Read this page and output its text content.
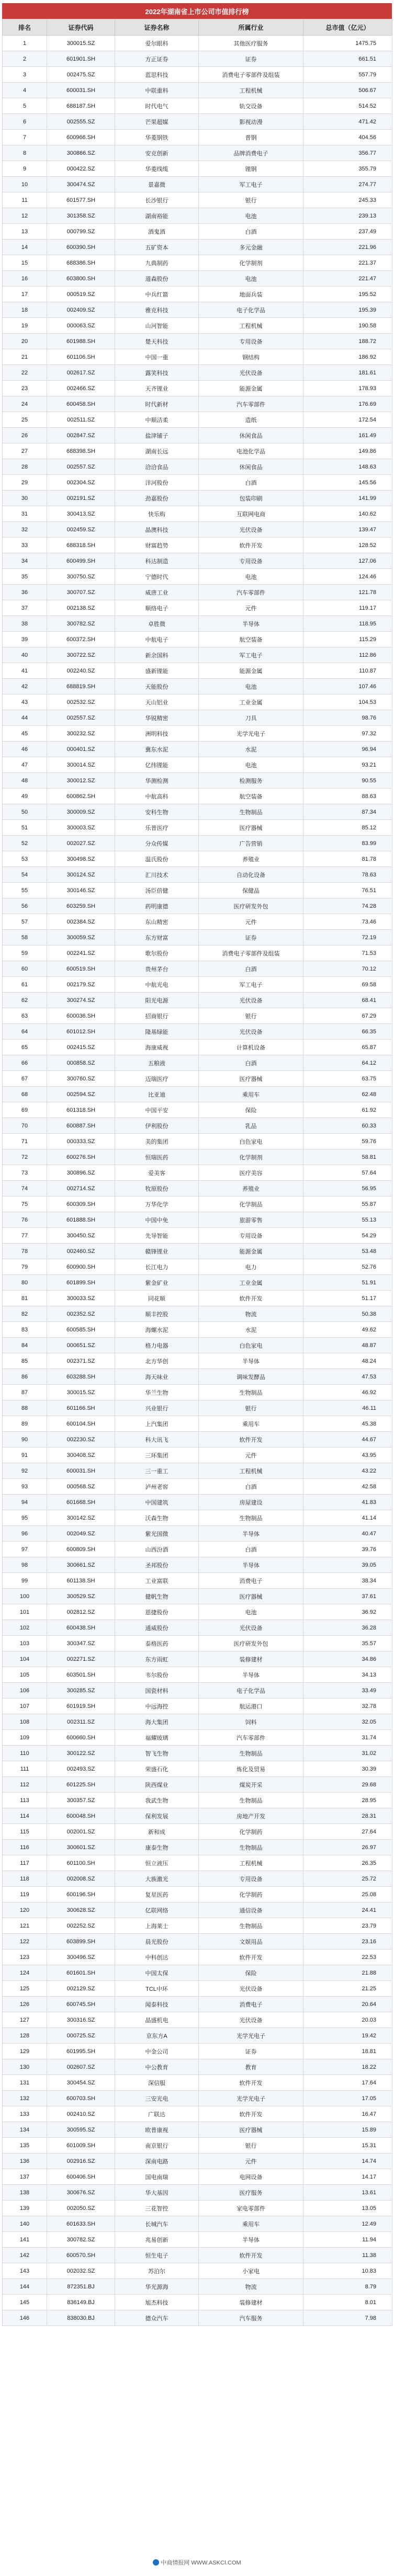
2022年湖南省上市公司市值排行榜
排名	证券代码	证券名称	所属行业	总市值（亿元）
1	300015.SZ	爱尔眼科	其他医疗服务	1475.75
2	601901.SH	方正证券	证券	661.51
3	002475.SZ	蓝思科技	消费电子零部件及组装	557.79
4	600031.SH	中联重科	工程机械	506.67
5	688187.SH	时代电气	轨交设备	514.52
6	002555.SZ	芒果超媒	影视动漫	471.42
7	600966.SH	华菱钢铁	普钢	404.56
8	300866.SZ	安克创新	品牌消费电子	356.77
9	000422.SZ	华菱线缆	锂钢	355.79
10	300474.SZ	景嘉微	军工电子	274.77
11	601577.SH	长沙银行	银行	245.33
12	301358.SZ	湖南裕能	电池	239.13
13	000799.SZ	酒鬼酒	白酒	237.49
14	600390.SH	五矿资本	多元金融	221.96
15	688386.SH	九典制药	化学制剂	221.37
16	603800.SH	道森股份	电池	221.47
17	000519.SZ	中兵红箭	地面兵装	195.52
18	002409.SZ	雅克科技	电子化学品	195.39
19	000063.SZ	山河智能	工程机械	190.58
20	601988.SH	楚天科技	专用设备	188.72
21	601106.SH	中国一重	钢结构	186.92
22	002617.SZ	露笑科技	光伏设备	181.61
23	002466.SZ	天齐锂业	能源金属	178.93
24	600458.SH	时代新材	汽车零部件	176.69
25	002511.SZ	中顺洁柔	造纸	172.54
26	002847.SZ	盐津铺子	休闲食品	161.49
27	688398.SH	湖南长远	电池化学品	149.86
28	002557.SZ	洽洽食品	休闲食品	148.63
29	002304.SZ	洋河股份	白酒	145.56
30	002191.SZ	劲嘉股份	包装印刷	141.99
31	300413.SZ	快乐购	互联网电商	140.62
32	002459.SZ	晶澳科技	光伏设备	139.47
33	688318.SH	财富趋势	软件开发	128.52
34	600499.SH	科达制造	专用设备	127.06
35	300750.SZ	宁德时代	电池	124.46
36	300707.SZ	威唐工业	汽车零部件	121.78
37	002138.SZ	顺络电子	元件	119.17
38	300782.SZ	卓胜微	半导体	118.95
39	600372.SH	中航电子	航空装备	115.29
40	300722.SZ	新余国科	军工电子	112.86
41	002240.SZ	盛新锂能	能源金属	110.87
42	688819.SH	天能股份	电池	107.46
43	002532.SZ	天山铝业	工业金属	104.53
44	002557.SZ	华锐精密	刀具	98.76
45	300232.SZ	洲明科技	光学光电子	97.32
46	000401.SZ	冀东水泥	水泥	96.94
47	300014.SZ	亿纬锂能	电池	93.21
48	300012.SZ	华测检测	检测服务	90.55
49	600862.SH	中航高科	航空装备	88.63
50	300009.SZ	安科生物	生物制品	87.34
51	300003.SZ	乐普医疗	医疗器械	85.12
52	002027.SZ	分众传媒	广告营销	83.99
53	300498.SZ	温氏股份	养殖业	81.78
54	300124.SZ	汇川技术	自动化设备	78.63
55	300146.SZ	汤臣倍健	保健品	76.51
56	603259.SH	药明康德	医疗研发外包	74.28
57	002384.SZ	东山精密	元件	73.46
58	300059.SZ	东方财富	证券	72.19
59	002241.SZ	歌尔股份	消费电子零部件及组装	71.53
60	600519.SH	贵州茅台	白酒	70.12
61	002179.SZ	中航光电	军工电子	69.58
62	300274.SZ	阳光电源	光伏设备	68.41
63	600036.SH	招商银行	银行	67.29
64	601012.SH	隆基绿能	光伏设备	66.35
65	002415.SZ	海康威视	计算机设备	65.87
66	000858.SZ	五粮液	白酒	64.12
67	300760.SZ	迈瑞医疗	医疗器械	63.75
68	002594.SZ	比亚迪	乘用车	62.48
69	601318.SH	中国平安	保险	61.92
70	600887.SH	伊利股份	乳品	60.33
71	000333.SZ	美的集团	白色家电	59.76
72	600276.SH	恒瑞医药	化学制剂	58.81
73	300896.SZ	爱美客	医疗美容	57.64
74	002714.SZ	牧原股份	养殖业	56.95
75	600309.SH	万华化学	化学制品	55.87
76	601888.SH	中国中免	旅游零售	55.13
77	300450.SZ	先导智能	专用设备	54.29
78	002460.SZ	赣锋锂业	能源金属	53.48
79	600900.SH	长江电力	电力	52.76
80	601899.SH	紫金矿业	工业金属	51.91
81	300033.SZ	同花顺	软件开发	51.17
82	002352.SZ	顺丰控股	物流	50.38
83	600585.SH	海螺水泥	水泥	49.62
84	000651.SZ	格力电器	白色家电	48.87
85	002371.SZ	北方华创	半导体	48.24
86	603288.SH	海天味业	调味发酵品	47.53
87	300015.SZ	华兰生物	生物制品	46.92
88	601166.SH	兴业银行	银行	46.11
89	600104.SH	上汽集团	乘用车	45.38
90	002230.SZ	科大讯飞	软件开发	44.67
91	300408.SZ	三环集团	元件	43.95
92	600031.SH	三一重工	工程机械	43.22
93	000568.SZ	泸州老窖	白酒	42.58
94	601668.SH	中国建筑	房屋建设	41.83
95	300142.SZ	沃森生物	生物制品	41.14
96	002049.SZ	紫光国微	半导体	40.47
97	600809.SH	山西汾酒	白酒	39.76
98	300661.SZ	圣邦股份	半导体	39.05
99	601138.SH	工业富联	消费电子	38.34
100	300529.SZ	健帆生物	医疗器械	37.61
101	002812.SZ	恩捷股份	电池	36.92
102	600438.SH	通威股份	光伏设备	36.28
103	300347.SZ	泰格医药	医疗研发外包	35.57
104	002271.SZ	东方雨虹	装修建材	34.86
105	603501.SH	韦尔股份	半导体	34.13
106	300285.SZ	国瓷材料	电子化学品	33.49
107	601919.SH	中远海控	航运港口	32.78
108	002311.SZ	海大集团	饲料	32.05
109	600660.SH	福耀玻璃	汽车零部件	31.74
110	300122.SZ	智飞生物	生物制品	31.02
111	002493.SZ	荣盛石化	炼化及贸易	30.39
112	601225.SH	陕西煤业	煤炭开采	29.68
113	300357.SZ	我武生物	生物制品	28.95
114	600048.SH	保利发展	房地产开发	28.31
115	002001.SZ	新和成	化学制药	27.64
116	300601.SZ	康泰生物	生物制品	26.97
117	601100.SH	恒立液压	工程机械	26.35
118	002008.SZ	大族激光	专用设备	25.72
119	600196.SH	复星医药	化学制药	25.08
120	300628.SZ	亿联网络	通信设备	24.41
121	002252.SZ	上海莱士	生物制品	23.79
122	603899.SH	晨光股份	文娱用品	23.16
123	300496.SZ	中科创达	软件开发	22.53
124	601601.SH	中国太保	保险	21.88
125	002129.SZ	TCL中环	光伏设备	21.25
126	600745.SH	闻泰科技	消费电子	20.64
127	300316.SZ	晶盛机电	光伏设备	20.03
128	000725.SZ	京东方A	光学光电子	19.42
129	601995.SH	中金公司	证券	18.81
130	002607.SZ	中公教育	教育	18.22
131	300454.SZ	深信服	软件开发	17.64
132	600703.SH	三安光电	光学光电子	17.05
133	002410.SZ	广联达	软件开发	16.47
134	300595.SZ	欧普康视	医疗器械	15.89
135	601009.SH	南京银行	银行	15.31
136	002916.SZ	深南电路	元件	14.74
137	600406.SH	国电南瑞	电网设备	14.17
138	300676.SZ	华大基因	医疗服务	13.61
139	002050.SZ	三花智控	家电零部件	13.05
140	601633.SH	长城汽车	乘用车	12.49
141	300782.SZ	兆易创新	半导体	11.94
142	600570.SH	恒生电子	软件开发	11.38
143	002032.SZ	苏泊尔	小家电	10.83
144	872351.BJ	华光源海	物流	8.79
145	836149.BJ	旭杰科技	装修建材	8.01
146	838030.BJ	德众汽车	汽车服务	7.98
中商情报网 WWW.ASKCI.COM
